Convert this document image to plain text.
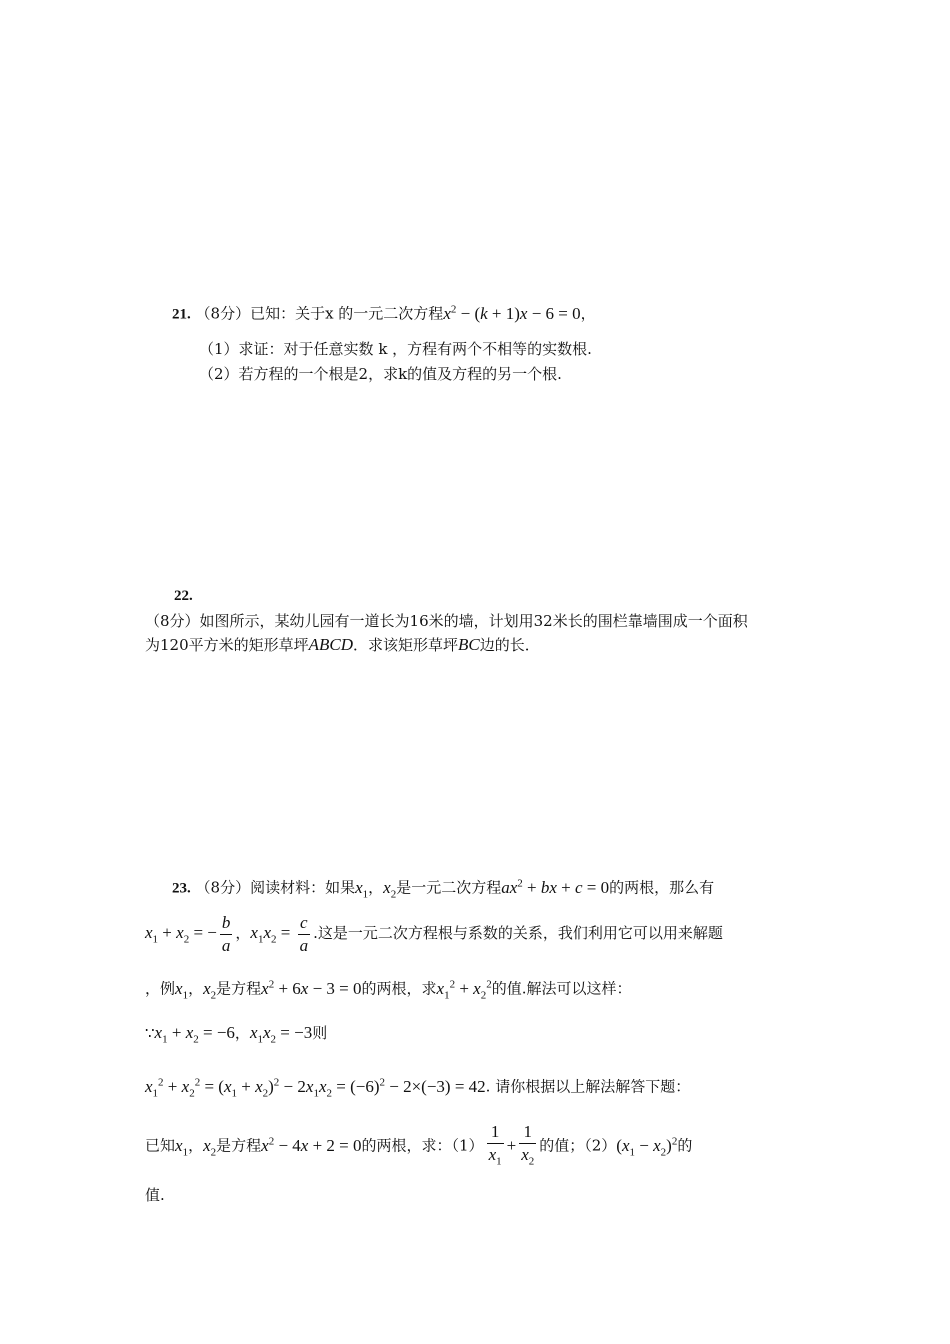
21. （8分）已知：关于x 的一元二次方程$x^2 - (k + 1)x - 6 = 0$，
（1）求证：对于任意实数 k ，方程有两个不相等的实数根.
（2）若方程的一个根是2，求k的值及方程的另一个根.
22.
（8分）如图所示，某幼儿园有一道长为16米的墙，计划用32米长的围栏靠墙围成一个面积
为120平方米的矩形草坪ABCD．求该矩形草坪BC边的长．
23. （8分）阅读材料：如果$x_1$，$x_2$是一元二次方程$ax^2$ + bx + c = 0的两根，那么有
$x_1 + x_2$ = − $\frac{b}{a}$ ，$x_1x_2 = \frac{c}{a}$ .这是一元二次方程根与系数的关系，我们利用它可以用来解题
，例$x_1$，$x_2$是方程$x^2 + 6x - 3 = 0$的两根，求$x_1^2 + x_2^2$的值.解法可以这样：
$\because x_1 + x_2 = -6$，$x_1x_2 = -3$则
$x_1^2 + x_2^2 = (x_1 + x_2)^2 - 2x_1x_2 = (-6)^2 - 2\times(-3) = 42$. 请你根据以上解法解答下题：
已知$x_1$，$x_2$是方程$x^2 - 4x + 2 = 0$的两根，求：$(1) \frac{1}{x_1} + \frac{1}{x_2}$ 的值；$(2)(x_1 - x_2)^2$的
值.
